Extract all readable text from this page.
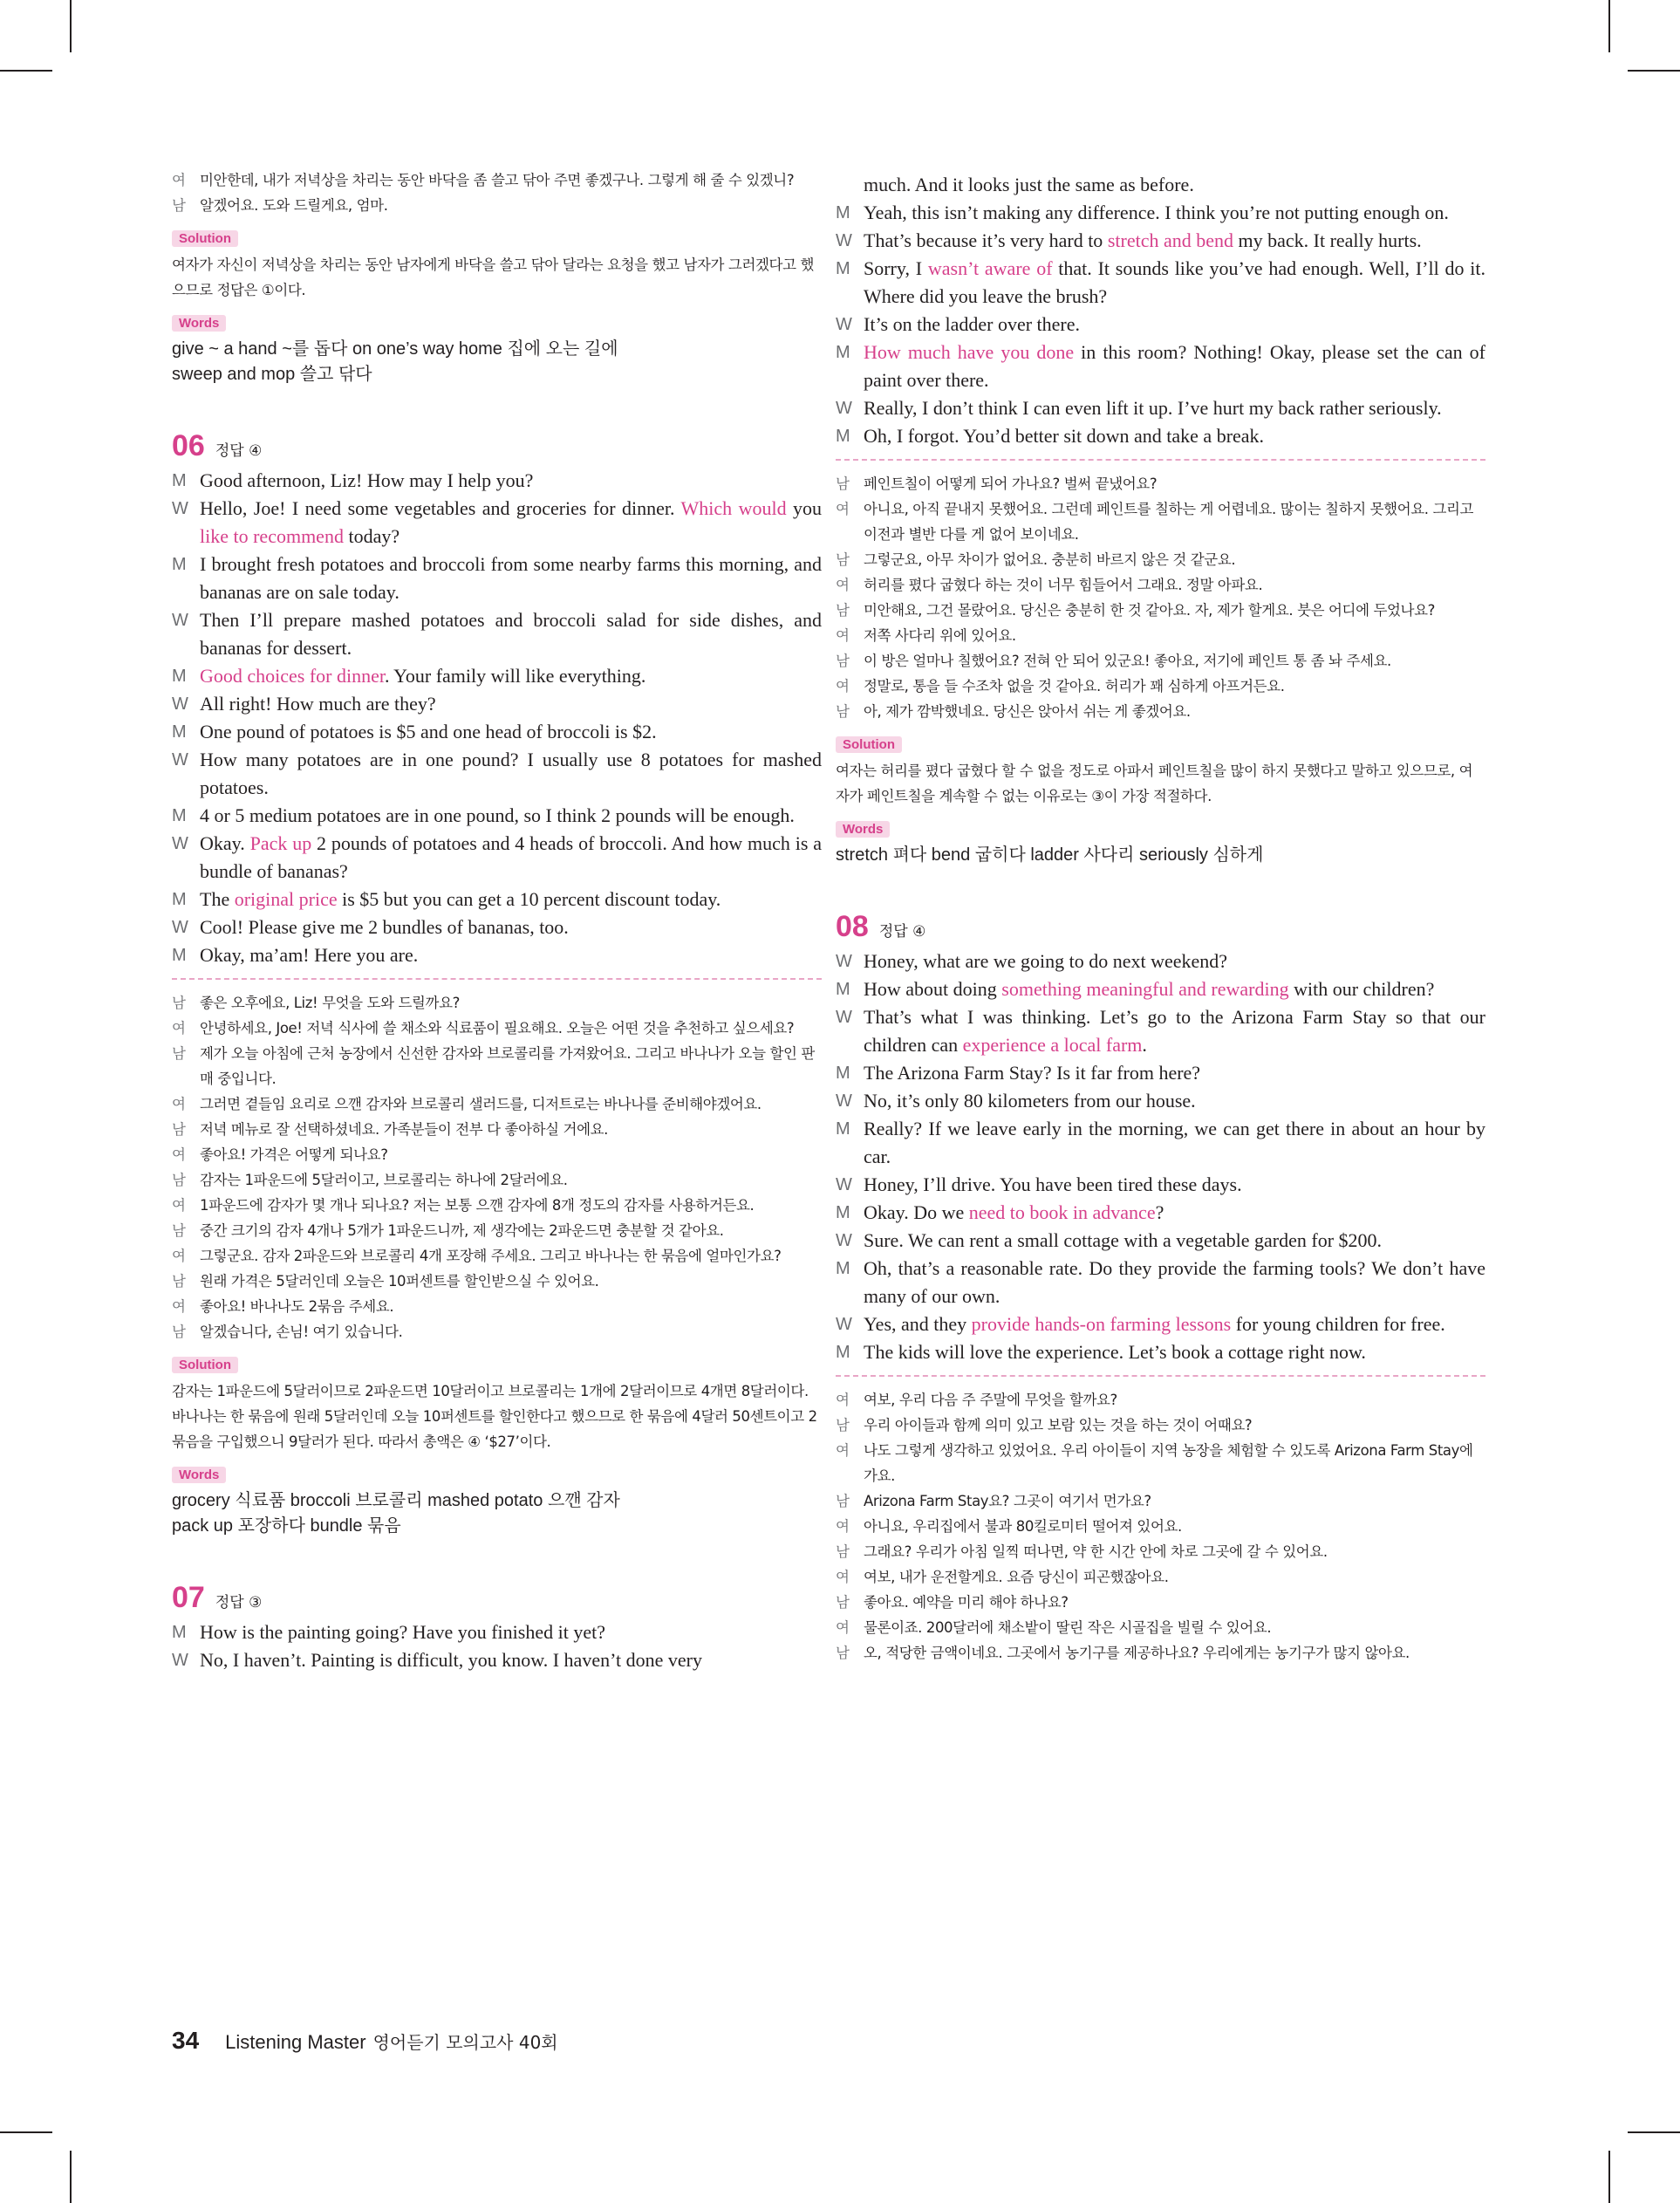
여 미안한데, 내가 저녁상을 차리는 동안 바닥을 좀 쓸고 닦아 주면 좋겠구나. 그렇게 해 줄 수 있겠니?
남 알겠어요. 도와 드릴게요, 엄마.
Solution
여자가 자신이 저녁상을 차리는 동안 남자에게 바닥을 쓸고 닦아 달라는 요청을 했고 남자가 그러겠다고 했으므로 정답은 ①이다.
Words
give ~ a hand ~를 돕다 on one’s way home 집에 오는 길에
sweep and mop 쓸고 닦다
06 정답 ④
M Good afternoon, Liz! How may I help you?
W Hello, Joe! I need some vegetables and groceries for dinner. Which would you like to recommend today?
M I brought fresh potatoes and broccoli from some nearby farms this morning, and bananas are on sale today.
W Then I’ll prepare mashed potatoes and broccoli salad for side dishes, and bananas for dessert.
M Good choices for dinner. Your family will like everything.
W All right! How much are they?
M One pound of potatoes is $5 and one head of broccoli is $2.
W How many potatoes are in one pound? I usually use 8 potatoes for mashed potatoes.
M 4 or 5 medium potatoes are in one pound, so I think 2 pounds will be enough.
W Okay. Pack up 2 pounds of potatoes and 4 heads of broccoli. And how much is a bundle of bananas?
M The original price is $5 but you can get a 10 percent discount today.
W Cool! Please give me 2 bundles of bananas, too.
M Okay, ma’am! Here you are.
남 좋은 오후에요, Liz! 무엇을 도와 드릴까요?
여 안녕하세요, Joe! 저녁 식사에 쓸 채소와 식료품이 필요해요. 오늘은 어떤 것을 추천하고 싶으세요?
남 제가 오늘 아침에 근처 농장에서 신선한 감자와 브로콜리를 가져왔어요. 그리고 바나나가 오늘 할인 판매 중입니다.
여 그러면 곁들임 요리로 으깬 감자와 브로콜리 샐러드를, 디저트로는 바나나를 준비해야겠어요.
남 저녁 메뉴로 잘 선택하셨네요. 가족분들이 전부 다 좋아하실 거에요.
여 좋아요! 가격은 어떻게 되나요?
남 감자는 1파운드에 5달러이고, 브로콜리는 하나에 2달러에요.
여 1파운드에 감자가 몇 개나 되나요? 저는 보통 으깬 감자에 8개 정도의 감자를 사용하거든요.
남 중간 크기의 감자 4개나 5개가 1파운드니까, 제 생각에는 2파운드면 충분할 것 같아요.
여 그렇군요. 감자 2파운드와 브로콜리 4개 포장해 주세요. 그리고 바나나는 한 묶음에 얼마인가요?
남 원래 가격은 5달러인데 오늘은 10퍼센트를 할인받으실 수 있어요.
여 좋아요! 바나나도 2묶음 주세요.
남 알겠습니다, 손님! 여기 있습니다.
Solution
감자는 1파운드에 5달러이므로 2파운드면 10달러이고 브로콜리는 1개에 2달러이므로 4개면 8달러이다. 바나나는 한 묶음에 원래 5달러인데 오늘 10퍼센트를 할인한다고 했으므로 한 묶음에 4달러 50센트이고 2묶음을 구입했으니 9달러가 된다. 따라서 총액은 ④ ‘$27’이다.
Words
grocery 식료품 broccoli 브로콜리 mashed potato 으깬 감자
pack up 포장하다 bundle 묶음
07 정답 ③
M How is the painting going? Have you finished it yet?
W No, I haven’t. Painting is difficult, you know. I haven’t done very
much. And it looks just the same as before.
M Yeah, this isn’t making any difference. I think you’re not putting enough on.
W That’s because it’s very hard to stretch and bend my back. It really hurts.
M Sorry, I wasn’t aware of that. It sounds like you’ve had enough. Well, I’ll do it. Where did you leave the brush?
W It’s on the ladder over there.
M How much have you done in this room? Nothing! Okay, please set the can of paint over there.
W Really, I don’t think I can even lift it up. I’ve hurt my back rather seriously.
M Oh, I forgot. You’d better sit down and take a break.
남 페인트칠이 어떻게 되어 가나요? 벌써 끝냈어요?
여 아니요, 아직 끝내지 못했어요. 그런데 페인트를 칠하는 게 어렵네요. 많이는 칠하지 못했어요. 그리고 이전과 별반 다를 게 없어 보이네요.
남 그렇군요, 아무 차이가 없어요. 충분히 바르지 않은 것 같군요.
여 허리를 폈다 굽혔다 하는 것이 너무 힘들어서 그래요. 정말 아파요.
남 미안해요, 그건 몰랐어요. 당신은 충분히 한 것 같아요. 자, 제가 할게요. 붓은 어디에 두었나요?
여 저쪽 사다리 위에 있어요.
남 이 방은 얼마나 칠했어요? 전혀 안 되어 있군요! 좋아요, 저기에 페인트 통 좀 놔 주세요.
여 정말로, 통을 들 수조차 없을 것 같아요. 허리가 꽤 심하게 아프거든요.
남 아, 제가 깜박했네요. 당신은 앉아서 쉬는 게 좋겠어요.
Solution
여자는 허리를 폈다 굽혔다 할 수 없을 정도로 아파서 페인트칠을 많이 하지 못했다고 말하고 있으므로, 여자가 페인트칠을 계속할 수 없는 이유로는 ③이 가장 적절하다.
Words
stretch 펴다 bend 굽히다 ladder 사다리 seriously 심하게
08 정답 ④
W Honey, what are we going to do next weekend?
M How about doing something meaningful and rewarding with our children?
W That’s what I was thinking. Let’s go to the Arizona Farm Stay so that our children can experience a local farm.
M The Arizona Farm Stay? Is it far from here?
W No, it’s only 80 kilometers from our house.
M Really? If we leave early in the morning, we can get there in about an hour by car.
W Honey, I’ll drive. You have been tired these days.
M Okay. Do we need to book in advance?
W Sure. We can rent a small cottage with a vegetable garden for $200.
M Oh, that’s a reasonable rate. Do they provide the farming tools? We don’t have many of our own.
W Yes, and they provide hands-on farming lessons for young children for free.
M The kids will love the experience. Let’s book a cottage right now.
여 여보, 우리 다음 주 주말에 무엇을 할까요?
남 우리 아이들과 함께 의미 있고 보람 있는 것을 하는 것이 어때요?
여 나도 그렇게 생각하고 있었어요. 우리 아이들이 지역 농장을 체험할 수 있도록 Arizona Farm Stay에 가요.
남 Arizona Farm Stay요? 그곳이 여기서 먼가요?
여 아니요, 우리집에서 불과 80킬로미터 떨어져 있어요.
남 그래요? 우리가 아침 일찍 떠나면, 약 한 시간 안에 차로 그곳에 갈 수 있어요.
여 여보, 내가 운전할게요. 요즘 당신이 피곤했잖아요.
남 좋아요. 예약을 미리 해야 하나요?
여 물론이죠. 200달러에 채소밭이 딸린 작은 시골집을 빌릴 수 있어요.
남 오, 적당한 금액이네요. 그곳에서 농기구를 제공하나요? 우리에게는 농기구가 많지 않아요.
34 Listening Master 영어듣기 모의고사 40회
